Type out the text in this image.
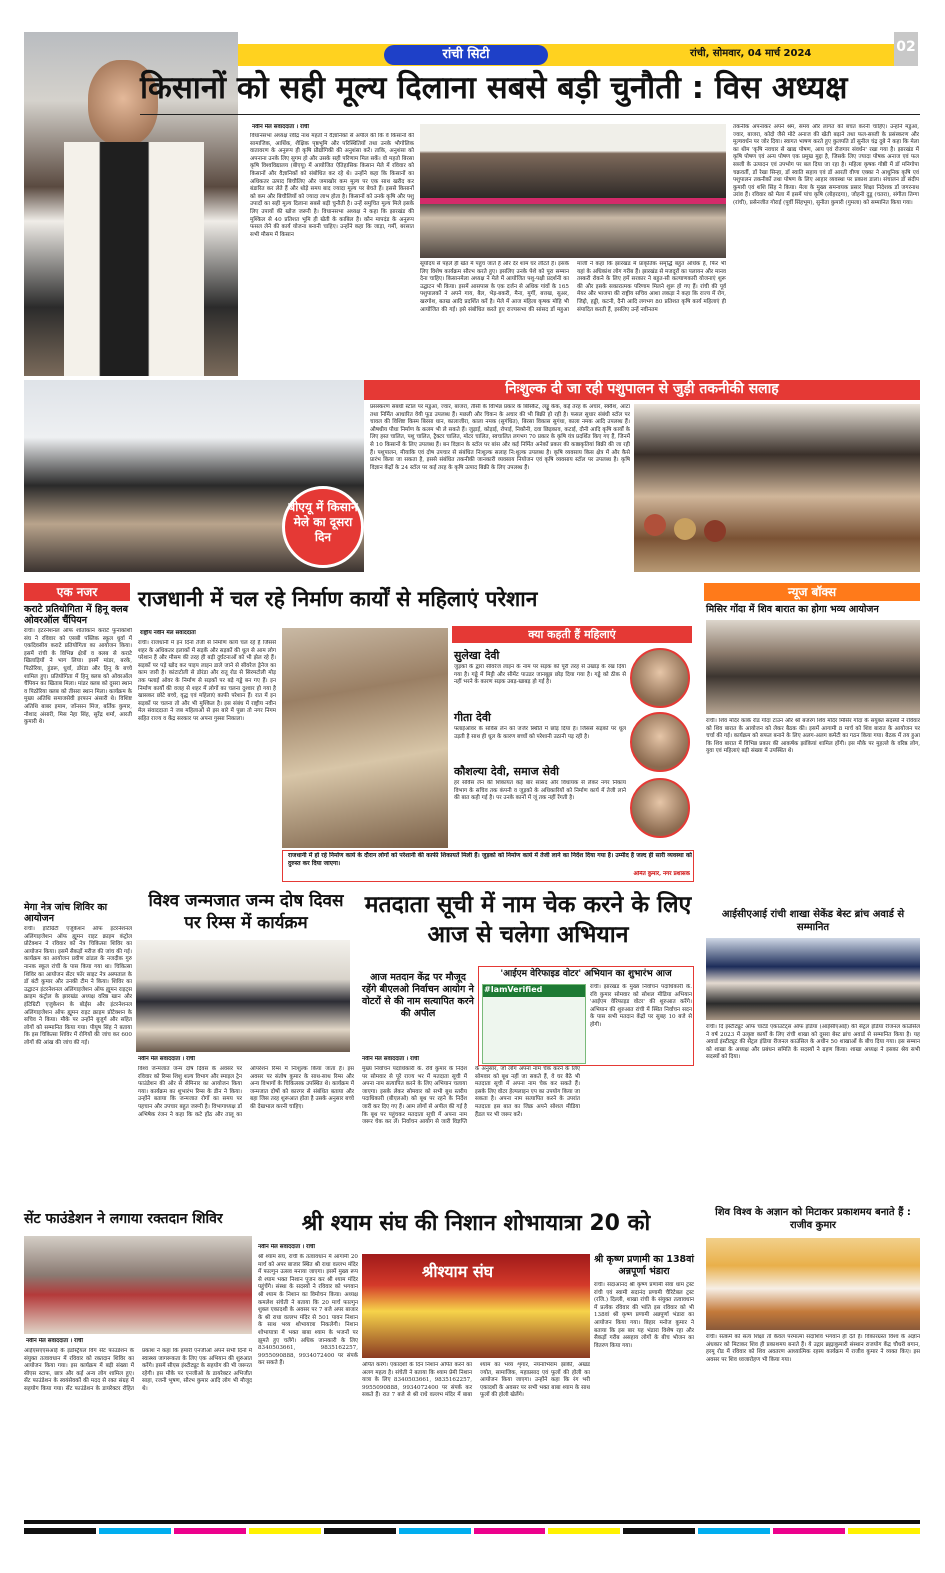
रांची सिटी	रांची, सोमवार, 04 मार्च 2024	02
किसानों को सही मूल्य दिलाना सबसे बड़ी चुनौती : विस अध्यक्ष
नवीन मेल संवाददाता । रांची
विधानसभा अध्यक्ष रवींद्र नाथ महतो ने वैज्ञानिकों से अपील की कि वे किसानों की सामाजिक, आर्थिक, शैक्षिक पृष्ठभूमि और परिस्थितियों तथा उनके भौगोलिक वातावरण के अनुरूप ही कृषि प्रौद्योगिकी की अनुशंसा करें। ताकि, अनुशंसा को अपनाना उनके लिए सुगम हो और उसके सही परिणाम मिल सकें। वो महतो बिरसा कृषि विश्वविद्यालय (बीएयू) में आयोजित ऐतिहासिक किसान मेले में रविवार को किसानों और वैज्ञानिकों को संबोधित कर रहे थे। उन्होंने कहा कि किसानों का अधिकतर उत्पाद बिचौलिए और जमाखोर कम मूल्य पर एक साथ खरीद कर बंडारित कर लेते हैं और थोड़े समय बाद ज्यादा मूल्य पर बेचते हैं। इससे किसानों को कम और बिचौलियों को ज्यादा लाभ होता है। किसानों को उनके कृषि और पशु उपादों का सही मूल्य दिलाना सबसे बड़ी चुनौती है। उन्हें समुचित मूल्य मिले इसके लिए उपायों की खोज जरूरी है। विधानसभा अध्यक्ष ने कहा कि झारखंड की मुश्किल से 40 प्रतिशत भूमि ही खेती के काबिल है। कौन मापदंड के अनुरूप फसल लेने की कार्य योजना बनानी चाहिए। उन्होंने कहा कि जाड़ा, गर्मी, बरसात सभी मौसम में किसान
सूर्योदय से पहले ही खेत में पहुंच जाते हैं और देर शाम घर लौटते हैं। इसके लिए विशेष कार्यक्रम सौरभ करते हुए। इसलिए उनके पेशे को पूरा सम्मान देना चाहिए। किसानमेला अध्यक्ष ने मेले में आयोजित पशु-पक्षी प्रदर्शनी का उद्घाटन भी किया। इसमें आसपास के एक दर्जन से अधिक गांवों के 165 पशुपालकों ने अपने गाय, बैल, भेड़-बकरी, मैना, मुर्गी, बत्तख, सुअर, खरगोश, बतख आदि प्रदर्शित करें है। मेले में आज मंहिला कृषक मोहि भी आयोजित की गई। इसे संबोधित करते हुए राज्यसभा की सांसद डॉ महुआ माजी ने कहा कि झारखंड में प्राकृतिक समृद्धि बहुत अधिक है, फिर भी यहां के अधिकांश लोग गरीब हैं। झारखंड से मजदूरों का पलायन और मानव तस्करी रोकने के लिए हमें सरकार ने बहुत-सी कल्याणकारी योजनाएं शुरू की और इसके सकारात्मक परिणाम मिलने शुरू हो गए हैं। रांची की पूर्व मेयर और भाजपा की राष्ट्रीय सचिव आशा लकड़ा ने कहा कि राज्य में रोग, जिद्दो, हड्डी, कटनी, दैनी आदि लगभग 80 प्रतिशत कृषि कार्य महिलाएं ही संपादित करती हैं, इसलिए उन्हें नवीनतम
तकनीक अपनाकर अपने श्रम, समय और लागत को बचत करनी चाहिए। उन्होंने मडुआ, ज्वार, बाजरा, कोदो जैसे मोटे अनाज की खेती बढ़ाने तथा फल-सब्जी के प्रसंस्करण और मूल्यवर्धन पर जोर दिया। स्वागत भाषण करते हुए कुलपति डॉ सुनील चंद्र दुबे ने कहा कि मेला का थीम 'कृषि नवचार से खाद्य पोषण, आय एवं रोजगार संवर्धन' रखा गया है। झारखंड में कृषि पोषण एवं अन्य पोषण एक प्रमुख मुद्दा है, जिसके लिए ज्यादा पोषक अनाज एवं फल सब्जी के उत्पादन एवं उपभोग पर बल दिया जा रहा है। महिला कृषक गोष्ठी में डॉ मनिगोपा चक्रवर्ती, डॉ रेखा सिन्हा, डॉ स्वाति सहाय एवं डॉ आरती वीणा एक्का ने आधुनिक कृषि एवं पशुपालन तकनीकों तथा पोषण के लिए आहार व्यवस्था पर प्रकाश डाला। संचालन डॉ संदीप कुमारी एवं शशि सिंह ने किया। मेला के मुख्य समन्वयक प्रसार शिक्षा निदेशक डॉ जगरनाथ उरांव हैं। रविवार को मेला में इसमें पांच कृषि (लोहरदगा), जोहनी दुडू (चतरा), संगीता तिग्गा (रांची), प्रसेनजीत गोराई (पूर्वी सिंहभूम), सुनीता कुमारी (गुमला) को सम्मानित किया गया।
निःशुल्क दी जा रही पशुपालन से जुड़ी तकनीकी सलाह
बीएयू में किसान मेले का दूसरा दिन
प्रसंस्करण संबंधी स्टॉल पर मडुआ, ज्वार, बाजरा, तीसी के विभिन्न प्रकार के बिस्किट, लड्डू केक, कई तरह के अचार, स्क्वैश, आटा तथा निर्मित आधारित वेयी फूड उपलब्ध हैं। मछली और चिकन के अचार की भी बिक्री हो रही है। फसल सुधार संबंधी स्टॉल पर चावल की विशिष्ट किस्म बिरसा धान, कालाजीरा, काला नमक (सुगंधित), बिरसा विकास सुगंधा, काला नमक आदि उपलब्ध हैं। औषधीय पौधा निर्माण के कलम भी ले सकते हैं। जुड़ाई, कोड़ाई, रोपाई, निकौनी, दवा छिड़काव, कटाई, दौनी आदि कृषि कार्यों के लिए हस्त चालित, पशु चालित, ट्रैक्टर चालित, मोटर चालित, स्वचालित लगभग 70 प्रकार के कृषि यंत्र प्रदर्शित किए गए हैं, जिनमें से 10 किसानों के लिए उपलब्ध हैं। बन विज्ञान के स्टॉल पर बांस और कई निर्मित अनेकों प्रकार की काष्ठकृतियां बिक्री की जा रही हैं। पशुपालन, मीयाकि एवं दोष उपचार से संबंधित निःशुल्क सलाह नि:शुल्क उपलब्ध है। कृषि व्यवसाय किस क्षेत्र में और कैसे प्रारंभ किया जा सकता है, इससे संबंधित तकनीकी जानकारी व्यवसाय नियोजन एवं कृषि व्यवसाय स्टॉल पर उपलब्ध है। कृषि विज्ञान केंद्रों के 24 स्टॉल पर कई तरह के कृषि उत्पाद बिक्री के लिए उपलब्ध हैं।
एक नजर
कराटे प्रतियोगिता में हिनू क्लब ओवरऑल चैंपियन
रांची। इंटरनेशनल ऑफ शोतोकान कराटे फुनाकोशी संघ ने रविवार को एसबी पब्लिक स्कूल धुर्वा में एकदिवसीय कराटे प्रतियोगिता का आयोजन किया। इसमें रांची के विभिन्न क्षेत्रों व क्लब से कराटे खिलाड़ियों ने भाग लिया। इसमें मांडर, बरके, पिठोरिया, हुंडरू, धुर्वा, डोरंडा और हिनू के बच्चे शामिल हुए। प्रतियोगिता में हिनू क्लब को ओवरऑल चैंपियन का खिताब मिला। मांडर क्लब को दूसरा स्थान व पिठोरिया क्लब को तीसरा स्थान मिला। कार्यक्रम के मुख्य अतिथि समाजसेवी इरफान अंसारी थे। विशिष्ट अतिथि बाबर इमाम, जॉनसन मिंज, बर्तिक कुमार, नौशाद अंसारी, मिस नेहा सिंह, सुरेंद्र शर्मा, आरती कुमारी थे।
मेगा नेत्र जांच शिविर का आयोजन
रांची। इंटिग्रिटी एजुकेशन ऑफ इंटरनेशनल अलिंगाइजेशन ऑफ ह्यूमन राइट क्राइम कंट्रोल प्रोटेक्शन ने रविवार को नेत्र चिकित्सा शिविर का आयोजन किया। इसमें सैकड़ों मरीज की जांच की गई। कार्यक्रम का आयोजन प्रवीण ढांडल के नजदीक गुरु नानक स्कूल रांची के पास किया गया था। चिकित्सा शिविर का आयोजन सेंटर फॉर साइट नेत्र अस्पताल के डॉ बंटी कुमार और उनकी टीम ने किया। शिविर का उद्घाटन इंटरनेशनल अलिंगाइजेशन ऑफ ह्यूमन राइट्स क्राइम कंट्रोल के झारखंड अध्यक्ष वरिष्ठ खान और इंटिग्रिटी एजुकेशन के बोर्ड्स और इंटरनेशनल अलिंगाइजेशन ऑफ ह्यूमन राइट क्राइम प्रोटेक्शन के सचिव ने किया। मौके पर उन्होंने बुजुर्ग और सहित लोगों को सम्मानित किया गया। पीयूष सिंह ने बताया कि इस चिकित्सा शिविर में रोगियों की जांच कर 600 लोगों की आंख की जांच की गई।
राजधानी में चल रहे निर्माण कार्यों से महिलाएं परेशान
राष्ट्रीय नवीन मेल संवाददाता
रांची। राजधानी में इन दिनों तेजी से निर्माण कार्य चल रहे हैं जिससे शहर के अधिकतर इलाकों में सड़कें और सड़कों की धूल से आम लोग परेशान हैं और मौसम की तरह ही बड़ी दुर्घटनाओं को भी झेल रहे हैं। सड़कों पर पड़े खोद कर पाइप लाइन डाले जाने से सीवरेज ड्रेनेज का काम जारी है। कांटाटोली से डोरंडा और रातू रोड से सिरमटोली मोड़ तक फ्लाई ओवर के निर्माण से सड़कों पर बड़े गड्ढे बन गए हैं। इन निर्माण कार्यों की वजह से शहर में लोगों का चलना दुश्वार हो गया है खासकर छोटे बच्चे, वृद्ध एवं महिलाएं काफी परेशान हैं। रात में इन सड़कों पर चलना तो और भी मुश्किल है। इस संबंध में राष्ट्रीय नवीन मेल संवाददाता ने जब महिलाओं से इस बारे में पूछा तो नगर निगम सहित राज्य व केंद्र सरकार पर अपना गुस्सा निकाला।
क्या कहती हैं महिलाएं
सुलेखा देवी
जुड़को के द्वारा सीवरेज लाइन के नाम पर सड़क को पूरी तरह से उखाड़ के रख दिया गया है। गड्ढे में मिट्टी और सीमेंट पाउडर जानबूझ छोड़ दिया गया है। गड्ढे को ठीक से नहीं भरने के कारण सड़क उबड़-खाबड़ हो गई है।
गीता देवी
फ्लाईओवर के सर्विस लेन को जर्जर स्थिति में छोड़ दिया है। जिससे सड़कों पर धूल उड़ती है साथ ही धूल के कारण बच्चों को परेशानी उठानी पड़ रही है।
कौशल्या देवी, समाज सेवी
हर सर्विस लेन की शिकायत कई बार सांसद और विधायक से लेकर नगर निकाय विभाग के सचिव तक कंपनी व जुड़को के अधिकारियों को निर्माण कार्य में तेजी लाने की बात कही गई है। पर उनके कानों में जूं तक नहीं रेंगती है।
राजधानी में हो रहे निर्माण कार्य के दौरान लोगों को परेशानी की काफी शिकायतें मिली हैं। जुड़को को निर्माण कार्य में तेजी लाने का निर्देश दिया गया है। उम्मीद है जल्द ही सारी व्यवस्था को दुरुस्त कर दिया जाएगा।
अमित कुमार, नगर प्रशासक
विश्व जन्मजात जन्म दोष दिवस पर रिम्स में कार्यक्रम
नवीन मेल संवाददाता । रांची
विश्व जन्मजात जन्म दोष दिवस के अवसर पर रविवार को रिम्स शिशु शल्य विभाग और स्माइल ट्रेन फाउंडेशन की ओर से सेमिनार का आयोजन किया गया। कार्यक्रम का शुभारंभ रिम्स के डीन ने किया। उन्होंने बताया कि जन्मजात रोगों का समय पर पहचान और उपचार बहुत जरूरी है। विभागाध्यक्ष डॉ अभिषेक रंजन ने कहा कि कटे होंठ और तालू का ऑपरेशन रिम्स में निःशुल्क किया जाता है। इस अवसर पर संतोष कुमार के साथ-साथ रिम्स और अन्य विभागों के चिकित्सक उपस्थित थे। कार्यक्रम में जन्मजात दोषों को कारगर से संबंधित बताया और बहा जिस तरह शुरूआत होता है उसके अनुसार बच्चे की देखभाल करनी चाहिए।
मतदाता सूची में नाम चेक करने के लिए आज से चलेगा अभियान
आज मतदान केंद्र पर मौजूद रहेंगे बीएलओ निर्वाचन आयोग ने वोटरों से की नाम सत्यापित करने की अपील
नवीन मेल संवाददाता । रांची
मुख्य निर्वाचन पदाधिकारी के. रवि कुमार के निर्देश पर सोमवार से पूरे राज्य भर में मतदाता सूची में अपना नाम सत्यापित करने के लिए अभियान चलाया जाएगा। इसके लेकर सोमवार को सभी बूथ स्तरीय पदाधिकारी (बीएलओ) को बूथ पर रहने के निर्देश जारी कर दिए गए हैं। आम लोगों से अपील की गई है कि बूथ पर पहुंचकर मतदाता सूची में अपना नाम जरूर चेक कर लें। निर्वाचन आयोग से जारी विज्ञप्ति के अनुसार, जो लोग अपना नाम चेक करने के लिए सोमवार को बूथ नहीं जा सकते हैं, वे घर बैठे भी मतदाता सूची में अपना नाम चेक कर सकते हैं। इसके लिए वोटर हेल्पलाइन एप का उपयोग किया जा सकता है। अपना नाम सत्यापित करने के उपरांत मतदाता इस बात का जिक्र अपने सोशल मीडिया हैंडल पर भी जरूर करें।
'आईएम वेरिफाइड वोटर' अभियान का शुभारंभ आज
#IamVerified	रांची। झारखंड के मुख्य निर्वाचन पदाधिकारी के. रवि कुमार सोमवार को सोशल मीडिया अभियान 'आईएम वेरिफाइड वोटर' की शुरुआत करेंगे। अभियान की शुरुआत रांची में स्थित निर्वाचन सदन के पास सभी मतदान केंद्रों पर सुबह 10 बजे से होगी।
सेंट फाउंडेशन ने लगाया रक्तदान शिविर
नवीन मेल संवाददाता । रांची
आईएसएएसआई के इंडस्ट्रियल विंग सेंट फाउंडेशन के संयुक्त तत्वावधान में रविवार को रक्तदान शिविर का आयोजन किया गया। इस कार्यक्रम में बड़ी संख्या में सीएस स्टाफ, छात्र और कई अन्य लोग शामिल हुए। सेंट फाउंडेशन के स्वयंसेवकों की मदद से रक्त संग्रह में सहयोग किया गया। सेंट फाउंडेशन के डायरेक्टर रोहित प्रकाश ने कहा कि हमारी एनजीओ अपने सभी दिनों में स्वास्थ्य जागरूकता के लिए एक अभियान की शुरुआत करेंगे। इसमें सीएस इंस्टीट्यूट के सहयोग की भी जरूरत रहेगी। इस मौके पर एनजीओ के डायरेक्टर अभिजीत साहा, रजनी भूषण, सौरभ कुमार आदि लोग भी मौजूद थे।
श्री श्याम संघ की निशान शोभायात्रा 20 को
नवीन मेल संवाददाता । रांची
श्री श्याम संघ, रांची के तत्वावधान में आगामी 20 मार्च को अपर बाजार स्थित श्री राधा वल्लभ मंदिर में फाल्गुन उत्सव मनाया जाएगा। इसमें मुख्य रूप से श्याम भक्त निशान पूजन कर श्री श्याम मंदिर पहुंचेंगे। संस्था के सदस्यों ने रविवार को भगवान श्री श्याम के निशान का विमोचन किया। अध्यक्ष कमलेश संचेती ने बताया कि 20 मार्च फाल्गुन शुक्ल एकादशी के अवसर पर 7 बजे अपर बाजार के श्री राधा वल्लभ मंदिर से 501 पावन निशान के साथ भव्य शोभायात्रा निकलेगी। निशान शोभायात्रा में भक्त बाबा श्याम के भजनों पर झूमते हुए चलेंगे। अधिक जानकारी के लिए 8340503661, 9835162257, 9955090888, 9934072400 पर संपर्क कर सकते हैं।
श्रीश्याम संघ
अर्पित करेंगे। एकादशी के दिन निशान अर्पित करने का अलग महत्व है। संचेती ने बताया कि श्याम प्रेमी निशान यात्रा के लिए 8340503661, 9835162257, 9955090888, 9934072400 पर संपर्क कर सकते हैं। रात 7 बजे से श्री राधे वल्लभ मंदिर में बाबा श्याम का भव्य शृंगार, नयनाभिराम झांकी, अखंड ज्योत, सामाजिक, महाप्रसाद एवं फूलों की होली का आयोजन किया जाएगा। उन्होंने कहा कि रंग भरी एकादशी के अवसर पर सभी भक्त बाबा श्याम के साथ फूलों की होली खेलेंगे।
श्री कृष्ण प्रणामी का 138वां अन्नपूर्णा भंडारा
रांची। सदाआनंद श्री कृष्ण प्रणामी सेवा धाम ट्रस्ट रांची एवं स्वामी सदानंद प्रणामी चैरिटेबल ट्रस्ट (रजि.) दिल्ली, शाखा रांची के संयुक्त तत्वावधान में प्रत्येक रविवार की भांति इस रविवार को भी 138वां श्री कृष्ण प्रणामी अन्नपूर्णा भंडारा का आयोजन किया गया। बिहार मनोज कुमार ने बताया कि इस बार यह भंडारा विशेष रहा और सैकड़ों गरीब असहाय लोगों के बीच भोजन का वितरण किया गया।
न्यूज बॉक्स
मिसिर गोंदा में शिव बारात का होगा भव्य आयोजन
रांची। शिव मंदिर कांके रोड गोंदा टाउन और श्री बजरंग शिव मंदिर मिसिर गोंदा के संयुक्त सदस्यों ने रविवार को शिव बारात के आयोजन को लेकर बैठक की। इसमें आगामी 8 मार्च को शिव बारात के आयोजन पर चर्चा की गई। कार्यक्रम को सफल बनाने के लिए अलग-अलग कमेटी का गठन किया गया। बैठक में तय हुआ कि शिव बारात में विभिन्न प्रकार की आकर्षक झांकियां शामिल होंगी। इस मौके पर मुहल्ले के वरिष्ठ लोग, युवा एवं महिलाएं बड़ी संख्या में उपस्थित थे।
आईसीएआई रांची शाखा सेकेंड बेस्ट ब्रांच अवार्ड से सम्मानित
रांची। दि इंस्टीट्यूट ऑफ चार्टर्ड एकाउंटेंट्स ऑफ इंडिया (आईसीएआई) की सेंट्रल इंडिया रीजनल काउंसिल ने वर्ष 2023 में उत्कृष्ट कार्यों के लिए रांची शाखा को दूसरा बेस्ट ब्रांच अवार्ड से सम्मानित किया है। यह अवार्ड इंस्टीट्यूट की सेंट्रल इंडिया रीजनल काउंसिल के अधीन 50 शाखाओं के बीच दिया गया। इस सम्मान को शाखा के अध्यक्ष और प्रबंधन समिति के सदस्यों ने ग्रहण किया। शाखा अध्यक्ष ने इसका श्रेय सभी सदस्यों को दिया।
शिव विश्व के अज्ञान को मिटाकर प्रकाशमय बनाते हैं : राजीव कुमार
रांची। सत्कर्म को सत्य शिक्षा तो केवल परमात्मा सदाशिव भगवान ही देते हैं। विकारग्रस्त विश्व के अज्ञान अंधकार को मिटाकर शिव ही प्रकाशमय बनाते हैं। ये उद्गार ब्रह्माकुमारी संस्थान राजयोग केंद्र चौधरी बगान, हरमू रोड में रविवार को शिव अवतरण आध्यात्मिक रहस्य कार्यक्रम में राजीव कुमार ने व्यक्त किए। इस अवसर पर शिव ध्वजारोहण भी किया गया।
